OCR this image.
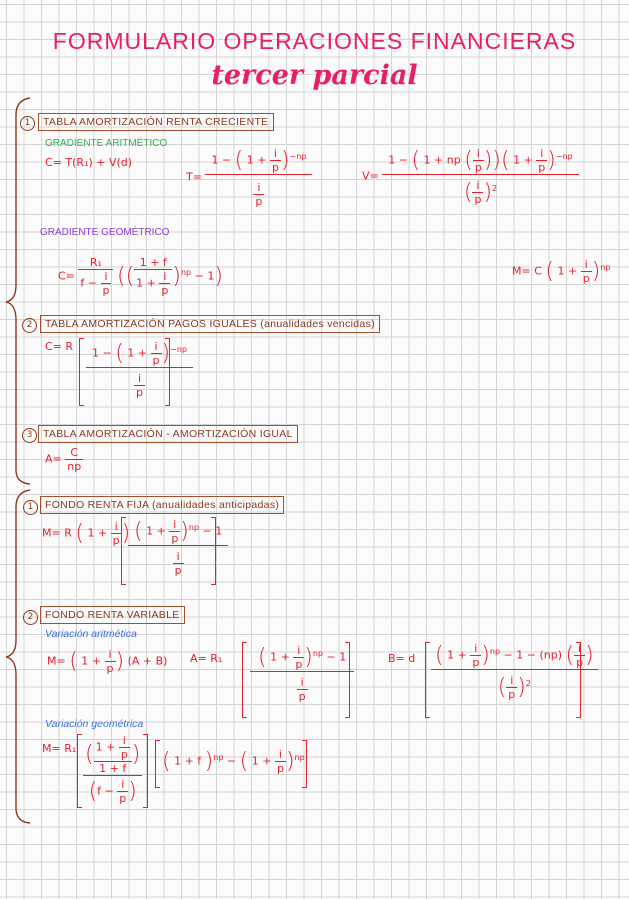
FORMULARIO OPERACIONES FINANCIERAS
tercer parcial
1	TABLA AMORTIZACIÓN RENTA CRECIENTE
GRADIENTE ARITMÉTICO
C= T(R₁) + V(d)
$T= \frac{1 - ( 1 + \frac{i}{p} )^{-np}}{\frac{i}{p}}$	$V= \frac{1 - ( 1 + np ( \frac{i}{p} ))( 1 + \frac{i}{p} )^{-np}}{( \frac{i}{p} )^2}$
GRADIENTE GEOMÉTRICO
$C= \frac{\text{R₁}}{f - \frac{i}{p}}$ (( $\frac{1 + f}{1 + \frac{i}{p}} )^{np} - 1$)	M= C ( $1 + \frac{i}{p} )^{np}$
2	TABLA AMORTIZACIÓN PAGOS IGUALES (anualidades vencidas)
C= R $\frac{1 - ( 1 + \frac{i}{p} )^{-np}}{\frac{i}{p}}$
3	TABLA AMORTIZACIÓN - AMORTIZACIÓN IGUAL
$A= \frac{C}{np}$
1	FONDO RENTA FIJA (anualidades anticipadas)
M= R ( $1 + \frac{i}{p}$ )
$\frac{( 1 + \frac{i}{p} )^{np} - 1}{\frac{i}{p}}$
2	FONDO RENTA VARIABLE
Variación aritmética
M= ( $1 + \frac{i}{p}$ ) (A + B) $A= R_1 \frac{( 1 + \frac{i}{p} )^{np} - 1}{\frac{i}{p}}$	B= d $\frac{( 1 + \frac{i}{p} )^{np} - 1 - (np) ( \frac{i}{p} )}{( \frac{i}{p} )^2}$
Variación geométrica
$M= R_1 \frac{( \frac{1 + \frac{i}{p}}{1 + f} )}{(f - \frac{i}{p} )}$ ( 1 + f )$^{np}$ − ( $1 + \frac{i}{p} )^{np}$
